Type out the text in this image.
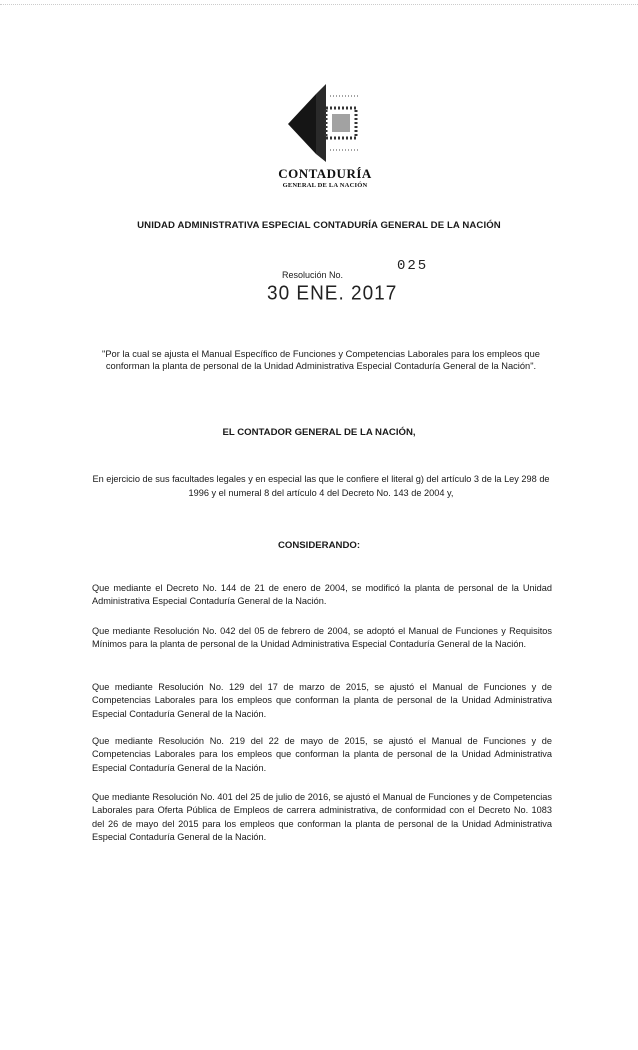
CONTADURÍA
GENERAL DE LA NACIÓN
UNIDAD ADMINISTRATIVA ESPECIAL CONTADURÍA GENERAL DE LA NACIÓN
Resolución No.
025
30 ENE. 2017
"Por la cual se ajusta el Manual Específico de Funciones y Competencias Laborales para los empleos que conforman la planta de personal de la Unidad Administrativa Especial Contaduría General de la Nación".
EL CONTADOR GENERAL DE LA NACIÓN,
En ejercicio de sus facultades legales y en especial las que le confiere el literal g) del artículo 3 de la Ley 298 de 1996 y el numeral 8 del artículo 4 del Decreto No. 143 de 2004 y,
CONSIDERANDO:
Que mediante el Decreto No. 144 de 21 de enero de 2004, se modificó la planta de personal de la Unidad Administrativa Especial Contaduría General de la Nación.
Que mediante Resolución No. 042 del 05 de febrero de 2004, se adoptó el Manual de Funciones y Requisitos Mínimos para la planta de personal de la Unidad Administrativa Especial Contaduría General de la Nación.
Que mediante Resolución No. 129 del 17 de marzo de 2015, se ajustó el Manual de Funciones y de Competencias Laborales para los empleos que conforman la planta de personal de la Unidad Administrativa Especial Contaduría General de la Nación.
Que mediante Resolución No. 219 del 22 de mayo de 2015, se ajustó el Manual de Funciones y de Competencias Laborales para los empleos que conforman la planta de personal de la Unidad Administrativa Especial Contaduría General de la Nación.
Que mediante Resolución No. 401 del 25 de julio de 2016, se ajustó el Manual de Funciones y de Competencias Laborales para Oferta Pública de Empleos de carrera administrativa, de conformidad con el Decreto No. 1083 del 26 de mayo del 2015 para los empleos que conforman la planta de personal de la Unidad Administrativa Especial Contaduría General de la Nación.
